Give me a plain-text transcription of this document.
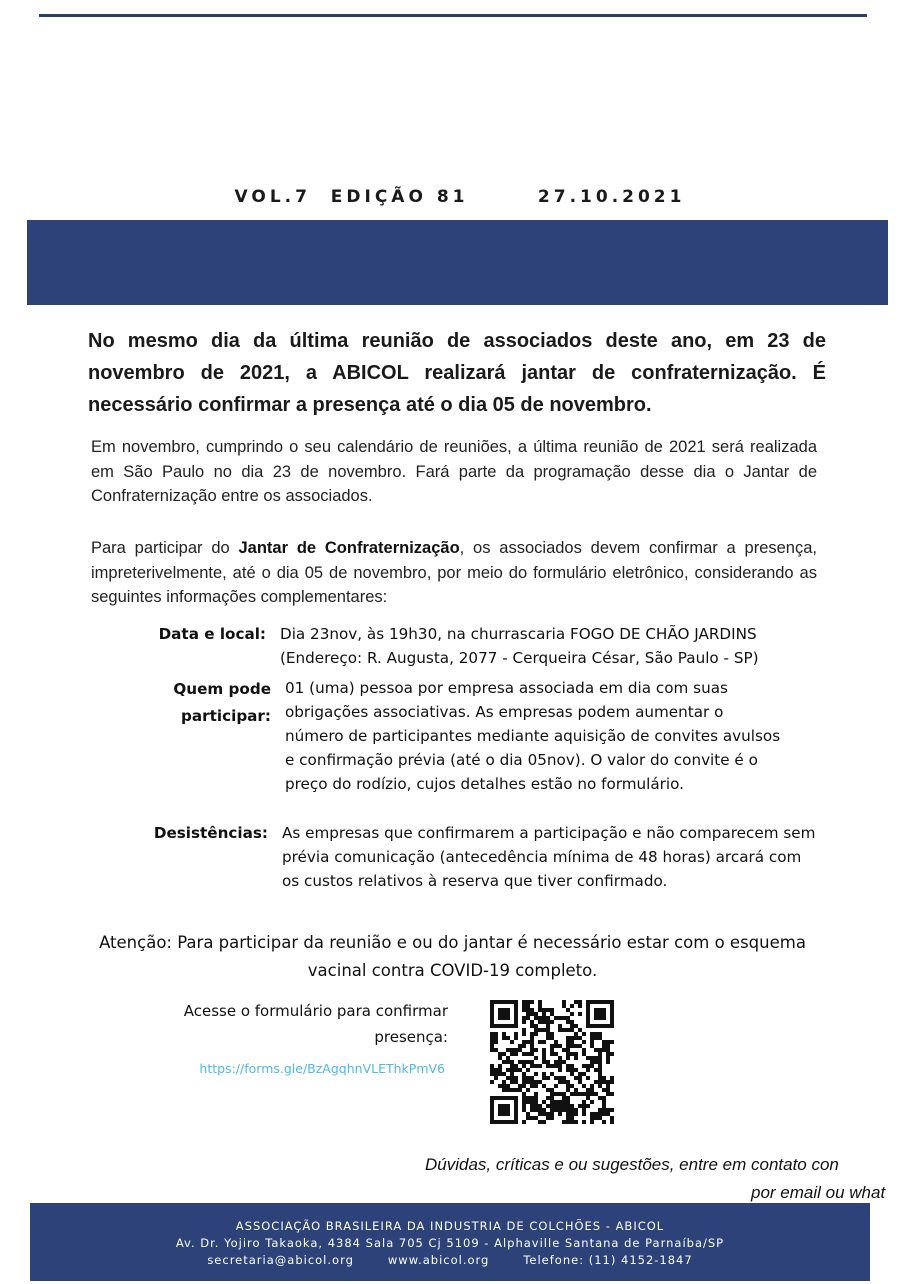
VOL.7  EDIÇÃO 81       27.10.2021
No mesmo dia da última reunião de associados deste ano, em 23 de novembro de 2021, a ABICOL realizará jantar de confraternização. É necessário confirmar a presença até o dia 05 de novembro.
Em novembro, cumprindo o seu calendário de reuniões, a última reunião de 2021 será realizada em São Paulo no dia 23 de novembro. Fará parte da programação desse dia o Jantar de Confraternização entre os associados.
Para participar do Jantar de Confraternização, os associados devem confirmar a presença, impreterivelmente, até o dia 05 de novembro, por meio do formulário eletrônico, considerando as seguintes informações complementares:
Data e local: Dia 23nov, às 19h30, na churrascaria FOGO DE CHÃO JARDINS (Endereço: R. Augusta, 2077 - Cerqueira César, São Paulo - SP)
Quem pode
participar:
01 (uma) pessoa por empresa associada em dia com suas obrigações associativas. As empresas podem aumentar o número de participantes mediante aquisição de convites avulsos e confirmação prévia (até o dia 05nov). O valor do convite é o preço do rodízio, cujos detalhes estão no formulário.
Desistências: As empresas que confirmarem a participação e não comparecem sem prévia comunicação (antecedência mínima de 48 horas) arcará com os custos relativos à reserva que tiver confirmado.
Atenção: Para participar da reunião e ou do jantar é necessário estar com o esquema vacinal contra COVID-19 completo.
Acesse o formulário para confirmar presença:
https://forms.gle/BzAgqhnVLEThkPmV6
Dúvidas, críticas e ou sugestões, entre em contato con
por email ou what
ASSOCIAÇÃO BRASILEIRA DA INDUSTRIA DE COLCHÕES - ABICOL
Av. Dr. Yojiro Takaoka, 4384 Sala 705 Cj 5109 - Alphaville Santana de Parnaíba/SP
secretaria@abicol.org	www.abicol.org	Telefone: (11) 4152-1847
